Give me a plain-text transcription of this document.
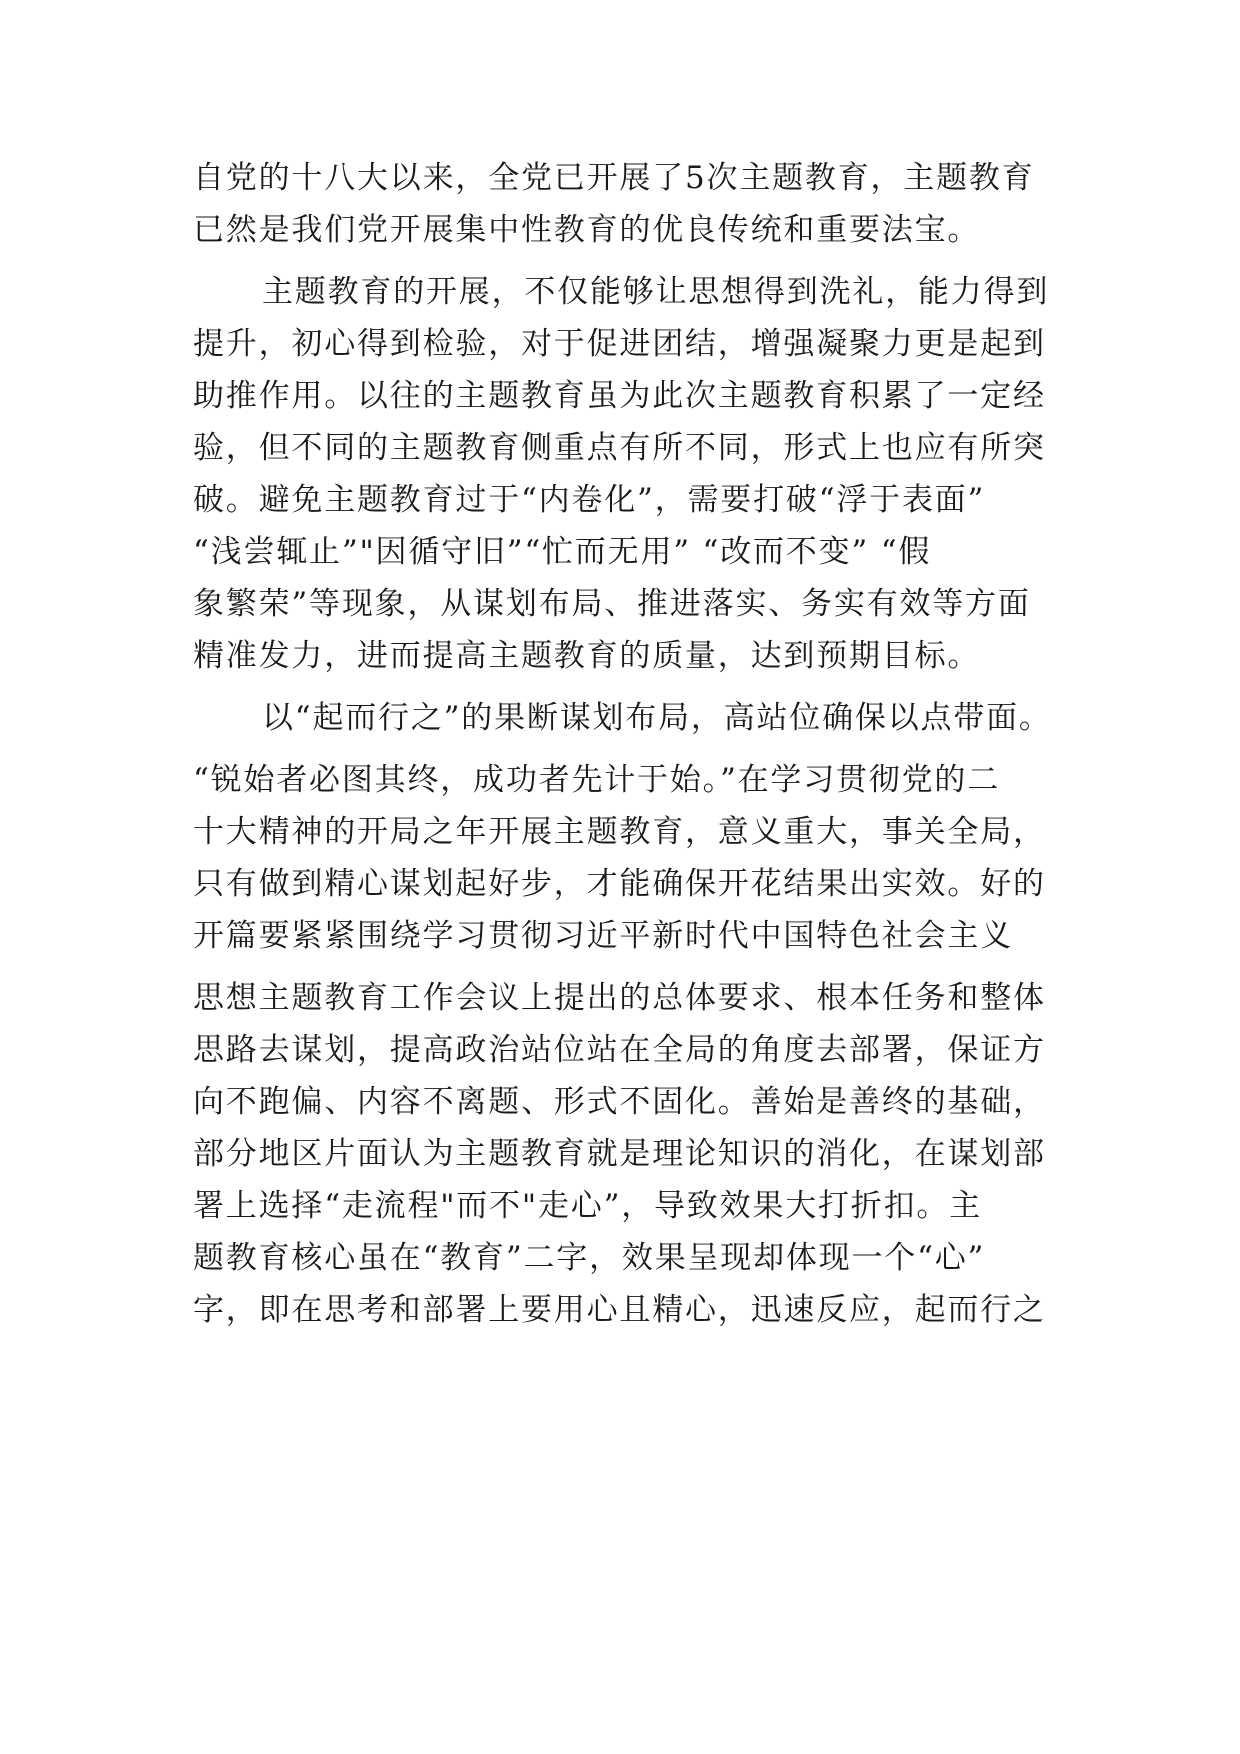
自党的十八大以来，全党已开展了5次主题教育，主题教育
已然是我们党开展集中性教育的优良传统和重要法宝。
主题教育的开展，不仅能够让思想得到洗礼，能力得到
提升，初心得到检验，对于促进团结，增强凝聚力更是起到
助推作用。以往的主题教育虽为此次主题教育积累了一定经
验，但不同的主题教育侧重点有所不同，形式上也应有所突
破。避免主题教育过于“内卷化”，需要打破“浮于表面”
“浅尝辄止”"因循守旧”“忙而无用” “改而不变” “假
象繁荣”等现象，从谋划布局、推进落实、务实有效等方面
精准发力，进而提高主题教育的质量，达到预期目标。
以“起而行之”的果断谋划布局，高站位确保以点带面。
“锐始者必图其终，成功者先计于始。”在学习贯彻党的二
十大精神的开局之年开展主题教育，意义重大，事关全局，
只有做到精心谋划起好步，才能确保开花结果出实效。好的
开篇要紧紧围绕学习贯彻习近平新时代中国特色社会主义
思想主题教育工作会议上提出的总体要求、根本任务和整体
思路去谋划，提高政治站位站在全局的角度去部署，保证方
向不跑偏、内容不离题、形式不固化。善始是善终的基础，
部分地区片面认为主题教育就是理论知识的消化，在谋划部
署上选择“走流程"而不"走心”，导致效果大打折扣。主
题教育核心虽在“教育”二字，效果呈现却体现一个“心”
字，即在思考和部署上要用心且精心，迅速反应，起而行之
